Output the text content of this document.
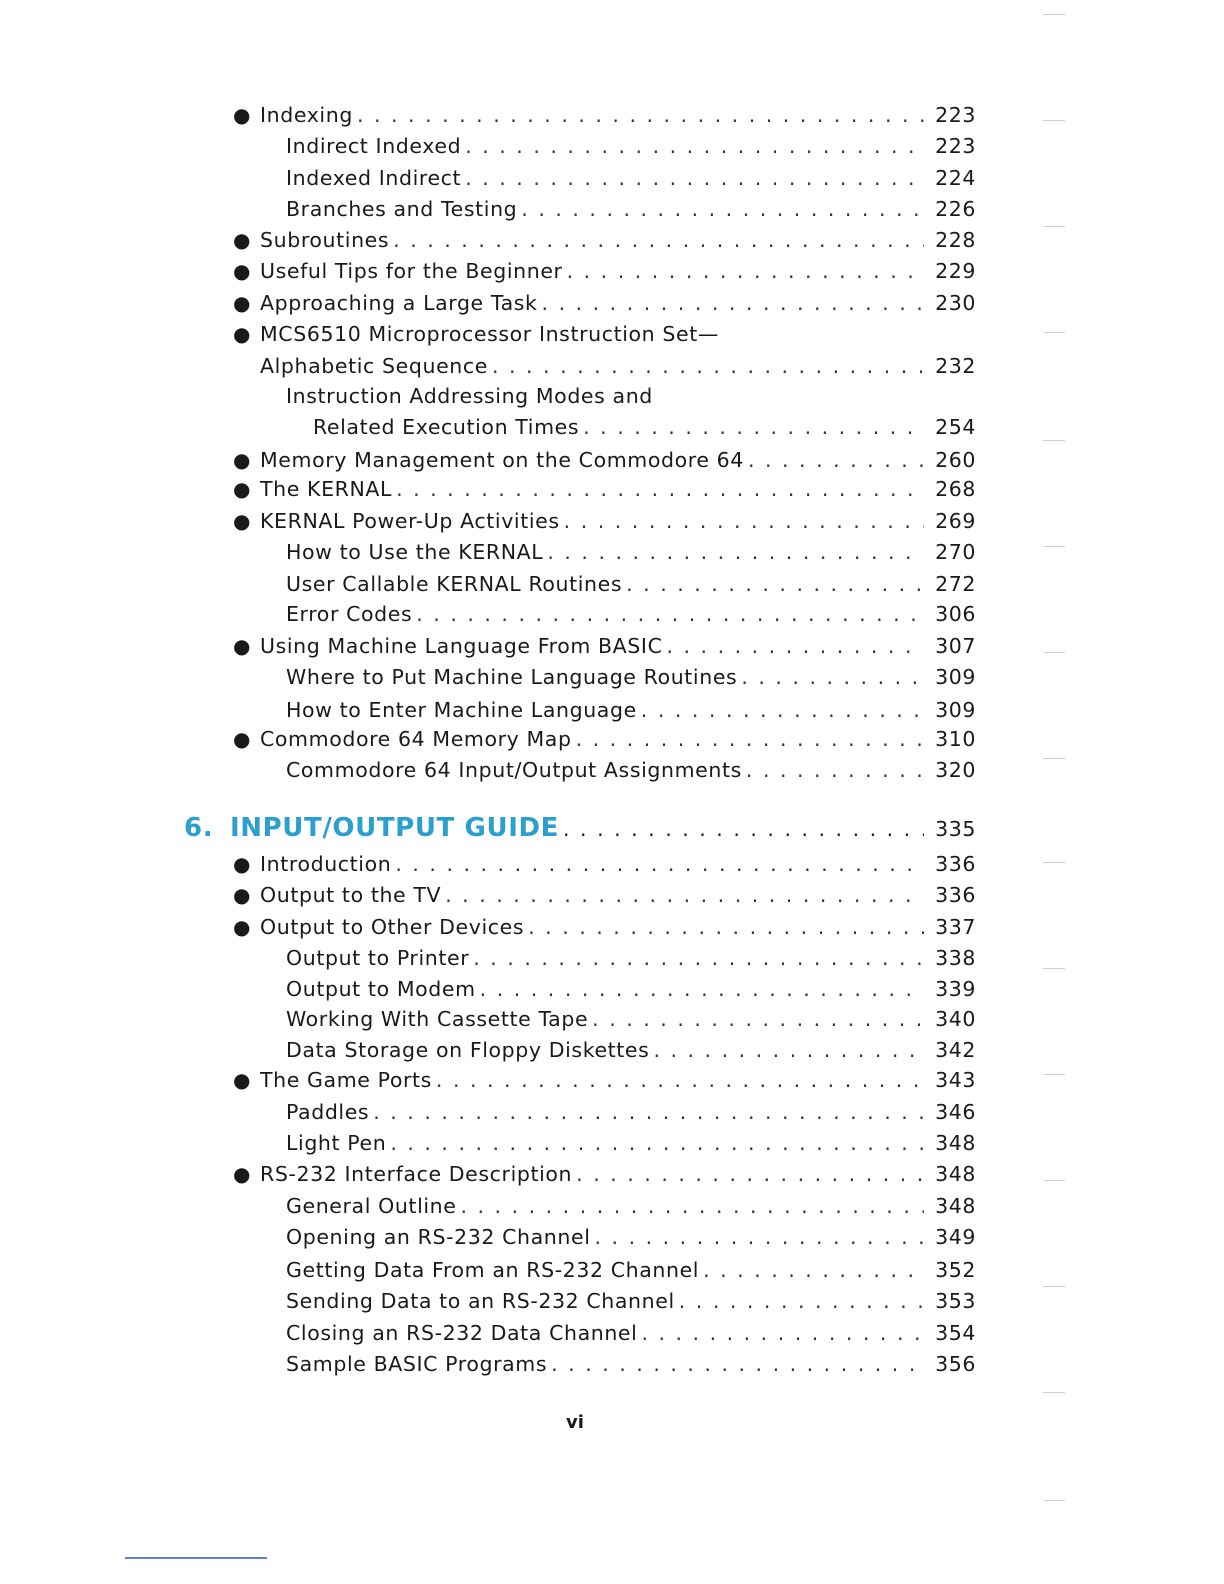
● Indexing . . .	223
Indirect Indexed . . .	223
Indexed Indirect . . .	224
Branches and Testing . . .	226
● Subroutines . . .	228
● Useful Tips for the Beginner . . .	229
● Approaching a Large Task . . .	230
● MCS6510 Microprocessor Instruction Set—
Alphabetic Sequence . . .	232
Instruction Addressing Modes and
Related Execution Times . . .	254
● Memory Management on the Commodore 64 . . .	260
● The KERNAL . . .	268
● KERNAL Power-Up Activities . . .	269
How to Use the KERNAL . . .	270
User Callable KERNAL Routines . . .	272
Error Codes . . .	306
● Using Machine Language From BASIC . . .	307
Where to Put Machine Language Routines . . .	309
How to Enter Machine Language . . .	309
● Commodore 64 Memory Map . . .	310
Commodore 64 Input/Output Assignments . . .	320
● Introduction . . .	336
● Output to the TV . . .	336
● Output to Other Devices . . .	337
Output to Printer . . .	338
Output to Modem . . .	339
Working With Cassette Tape . . .	340
Data Storage on Floppy Diskettes . . .	342
● The Game Ports . . .	343
Paddles . . .	346
Light Pen . . .	348
● RS-232 Interface Description . . .	348
General Outline . . .	348
Opening an RS-232 Channel . . .	349
Getting Data From an RS-232 Channel . . .	352
Sending Data to an RS-232 Channel . . .	353
Closing an RS-232 Data Channel . . .	354
Sample BASIC Programs . . .	356
6. INPUT/OUTPUT GUIDE . . .	335
vi
